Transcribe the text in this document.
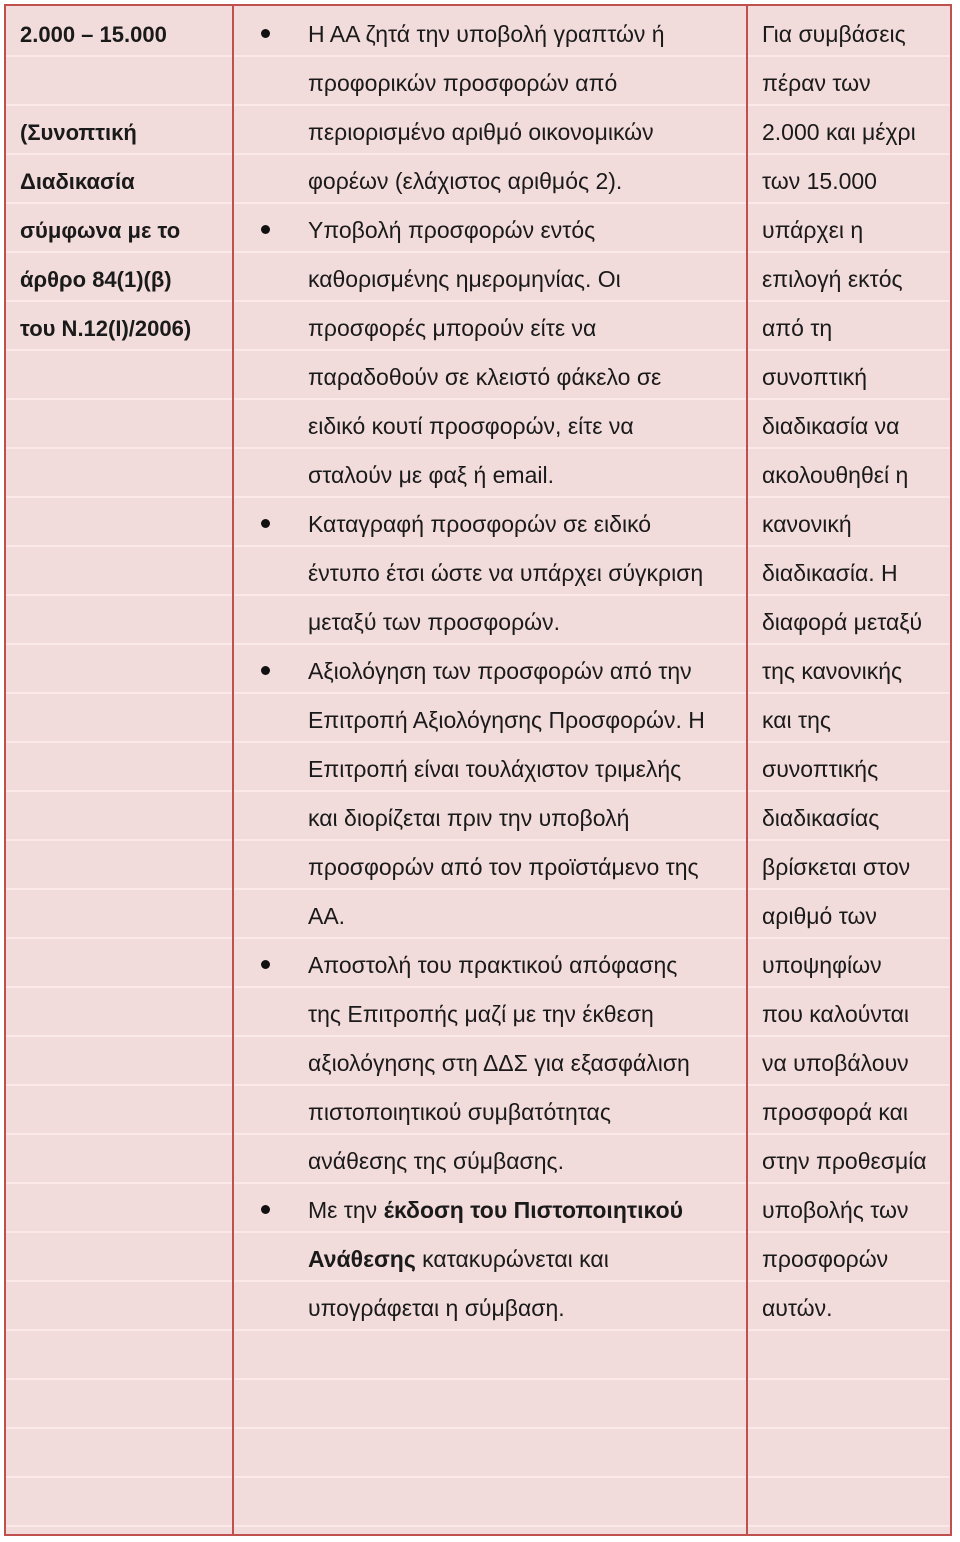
2.000 – 15.000
(Συνοπτική
Διαδικασία
σύμφωνα με το
άρθρο 84(1)(β)
του Ν.12(Ι)/2006)
Η ΑΑ ζητά την υποβολή γραπτών ή
προφορικών προσφορών από
περιορισμένο αριθμό οικονομικών
φορέων (ελάχιστος αριθμός 2).
Υποβολή προσφορών εντός
καθορισμένης ημερομηνίας. Οι
προσφορές μπορούν είτε να
παραδοθούν σε κλειστό φάκελο σε
ειδικό κουτί προσφορών, είτε να
σταλούν με φαξ ή email.
Καταγραφή προσφορών σε ειδικό
έντυπο έτσι ώστε να υπάρχει σύγκριση
μεταξύ των προσφορών.
Αξιολόγηση των προσφορών από την
Επιτροπή Αξιολόγησης Προσφορών. Η
Επιτροπή είναι τουλάχιστον τριμελής
και διορίζεται πριν την υποβολή
προσφορών από τον προϊστάμενο της
ΑΑ.
Αποστολή του πρακτικού απόφασης
της Επιτροπής μαζί με την έκθεση
αξιολόγησης στη ΔΔΣ για εξασφάλιση
πιστοποιητικού συμβατότητας
ανάθεσης της σύμβασης.
Με την έκδοση του Πιστοποιητικού
Ανάθεσης κατακυρώνεται και
υπογράφεται η σύμβαση.
Για συμβάσεις
πέραν των
2.000 και μέχρι
των 15.000
υπάρχει η
επιλογή εκτός
από τη
συνοπτική
διαδικασία να
ακολουθηθεί η
κανονική
διαδικασία. Η
διαφορά μεταξύ
της κανονικής
και της
συνοπτικής
διαδικασίας
βρίσκεται στον
αριθμό των
υποψηφίων
που καλούνται
να υποβάλουν
προσφορά και
στην προθεσμία
υποβολής των
προσφορών
αυτών.
